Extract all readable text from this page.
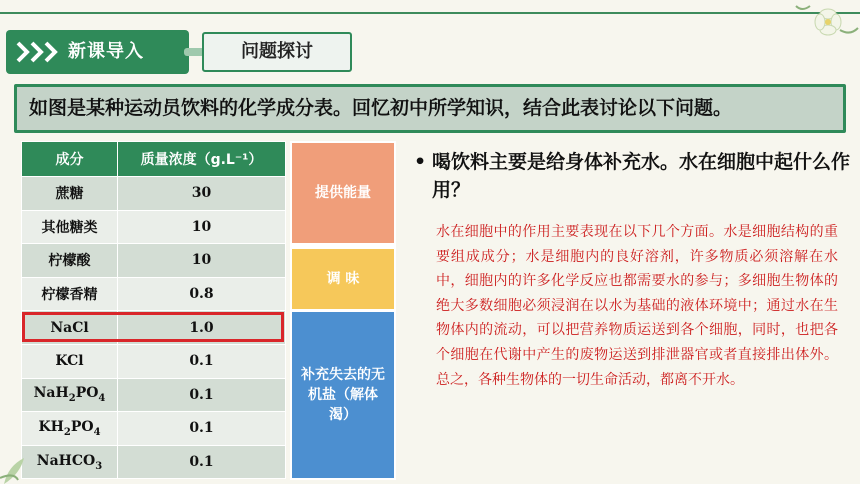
新课导入	问题探讨
如图是某种运动员饮料的化学成分表。回忆初中所学知识，结合此表讨论以下问题。
成分	质量浓度（g.L⁻¹）
蔗糖	30
其他糖类	10
柠檬酸	10
柠檬香精	0.8
NaCl	1.0
KCl	0.1
$NaH_2PO_4$	0.1
$KH_2PO_4$	0.1
NaHCO$_3$	0.1
提供能量
调 味
补充失去的无机盐（解体渴）
• 喝饮料主要是给身体补充水。水在细胞中起什么作用？
水在细胞中的作用主要表现在以下几个方面。水是细胞结构的重要组成成分；水是细胞内的良好溶剂，许多物质必须溶解在水中，细胞内的许多化学反应也都需要水的参与；多细胞生物体的绝大多数细胞必须浸润在以水为基础的液体环境中；通过水在生物体内的流动，可以把营养物质运送到各个细胞，同时，也把各个细胞在代谢中产生的废物运送到排泄器官或者直接排出体外。总之，各种生物体的一切生命活动，都离不开水。
